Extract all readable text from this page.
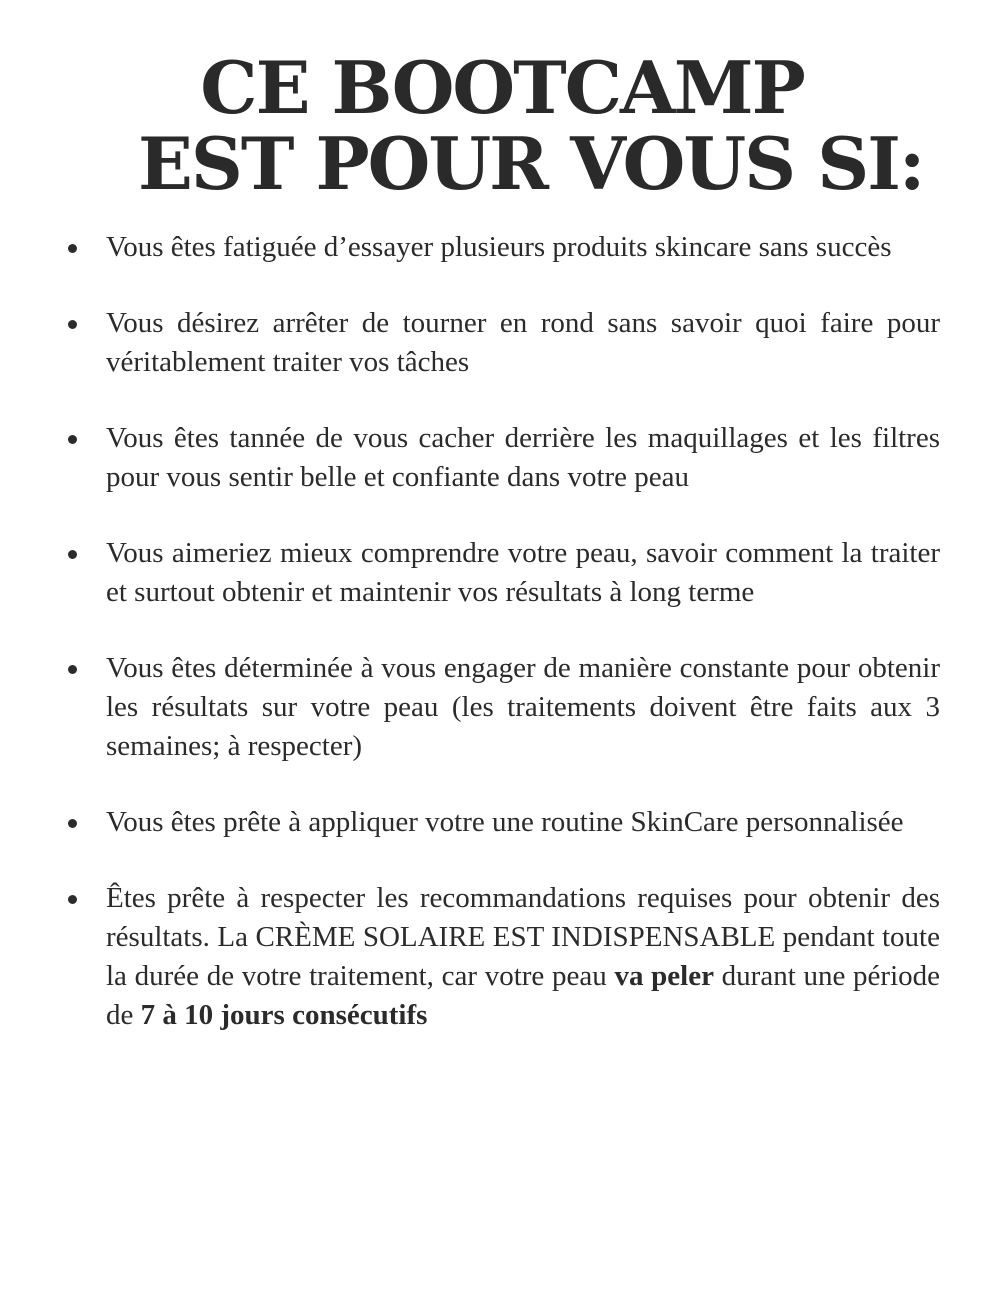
CE BOOTCAMP
EST POUR VOUS SI:
Vous êtes fatiguée d’essayer plusieurs produits skincare sans succès
Vous désirez arrêter de tourner en rond sans savoir quoi faire pour véritablement traiter vos tâches
Vous êtes tannée de vous cacher derrière les maquillages et les filtres pour vous sentir belle et confiante dans votre peau
Vous aimeriez mieux comprendre votre peau, savoir comment la traiter et surtout obtenir et maintenir vos résultats à long terme
Vous êtes déterminée à vous engager de manière constante pour obtenir les résultats sur votre peau (les traitements doivent être faits aux 3 semaines; à respecter)
Vous êtes prête à appliquer votre une routine SkinCare personnalisée
Êtes prête à respecter les recommandations requises pour obtenir des résultats. La CRÈME SOLAIRE EST INDISPENSABLE pendant toute la durée de votre traitement, car votre peau va peler durant une période de 7 à 10 jours consécutifs
